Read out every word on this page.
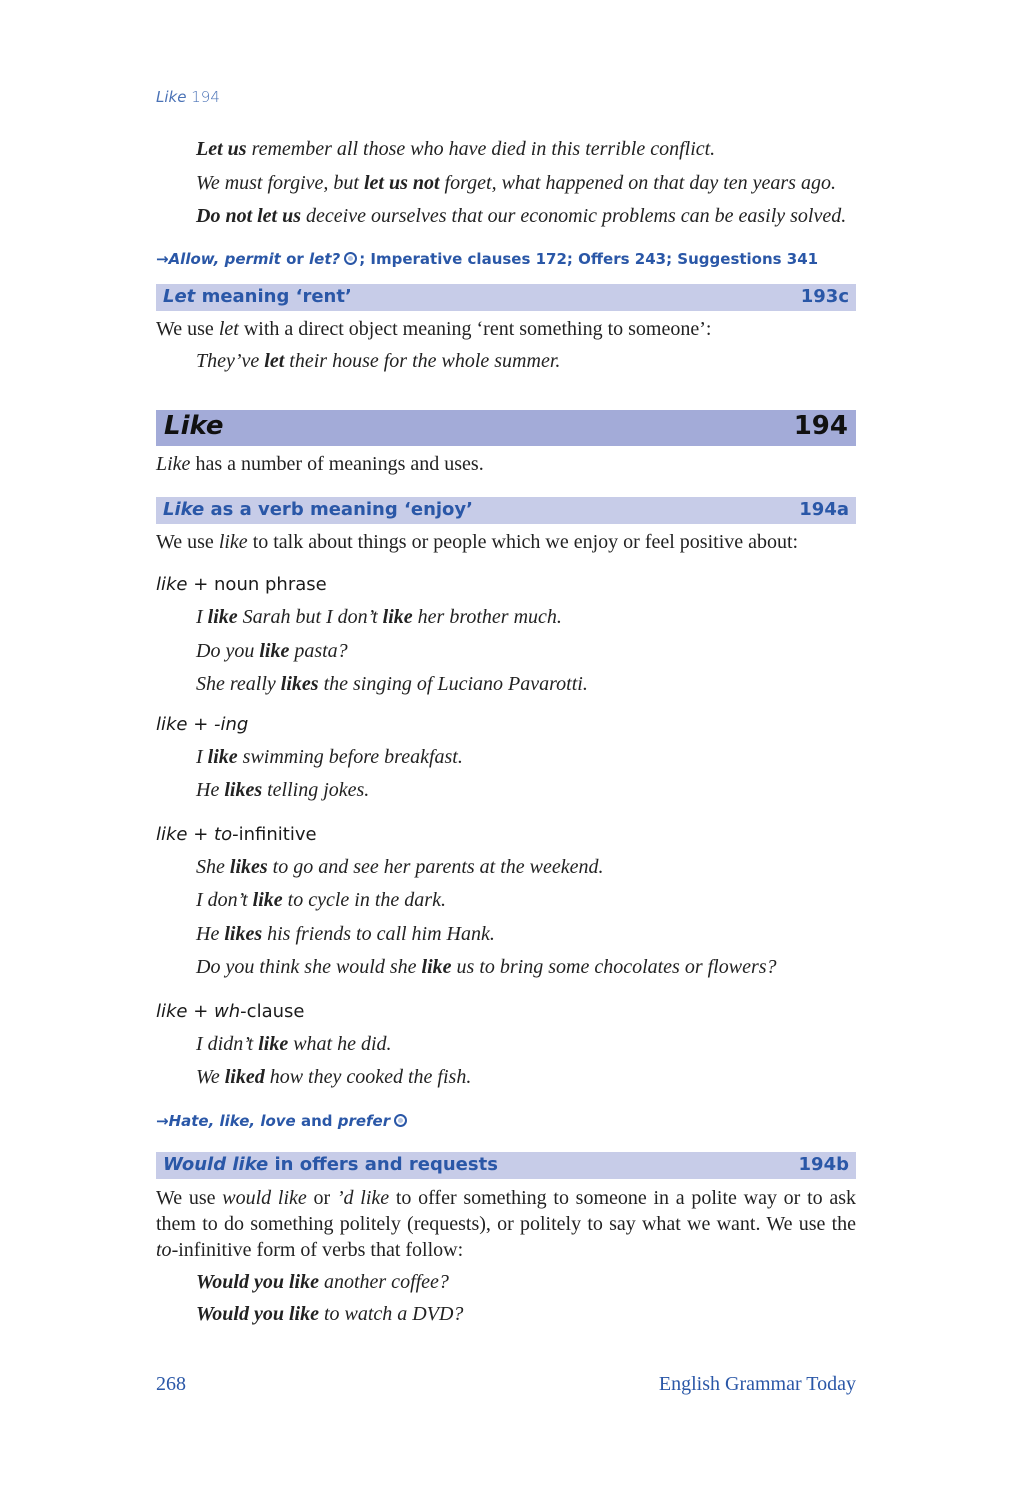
Like 194
Let us remember all those who have died in this terrible conflict.
We must forgive, but let us not forget, what happened on that day ten years ago.
Do not let us deceive ourselves that our economic problems can be easily solved.
→Allow, permit or let? ; Imperative clauses 172; Offers 243; Suggestions 341
Let meaning ‘rent’	193c
We use let with a direct object meaning ‘rent something to someone’:
They’ve let their house for the whole summer.
Like	194
Like has a number of meanings and uses.
Like as a verb meaning ‘enjoy’	194a
We use like to talk about things or people which we enjoy or feel positive about:
like + noun phrase
I like Sarah but I don’t like her brother much.
Do you like pasta?
She really likes the singing of Luciano Pavarotti.
like + -ing
I like swimming before breakfast.
He likes telling jokes.
like + to-infinitive
She likes to go and see her parents at the weekend.
I don’t like to cycle in the dark.
He likes his friends to call him Hank.
Do you think she would she like us to bring some chocolates or flowers?
like + wh-clause
I didn’t like what he did.
We liked how they cooked the fish.
→Hate, like, love and prefer
Would like in offers and requests	194b
We use would like or ’d like to offer something to someone in a polite way or to ask them to do something politely (requests), or politely to say what we want. We use the to-infinitive form of verbs that follow:
Would you like another coffee?
Would you like to watch a DVD?
268	English Grammar Today
